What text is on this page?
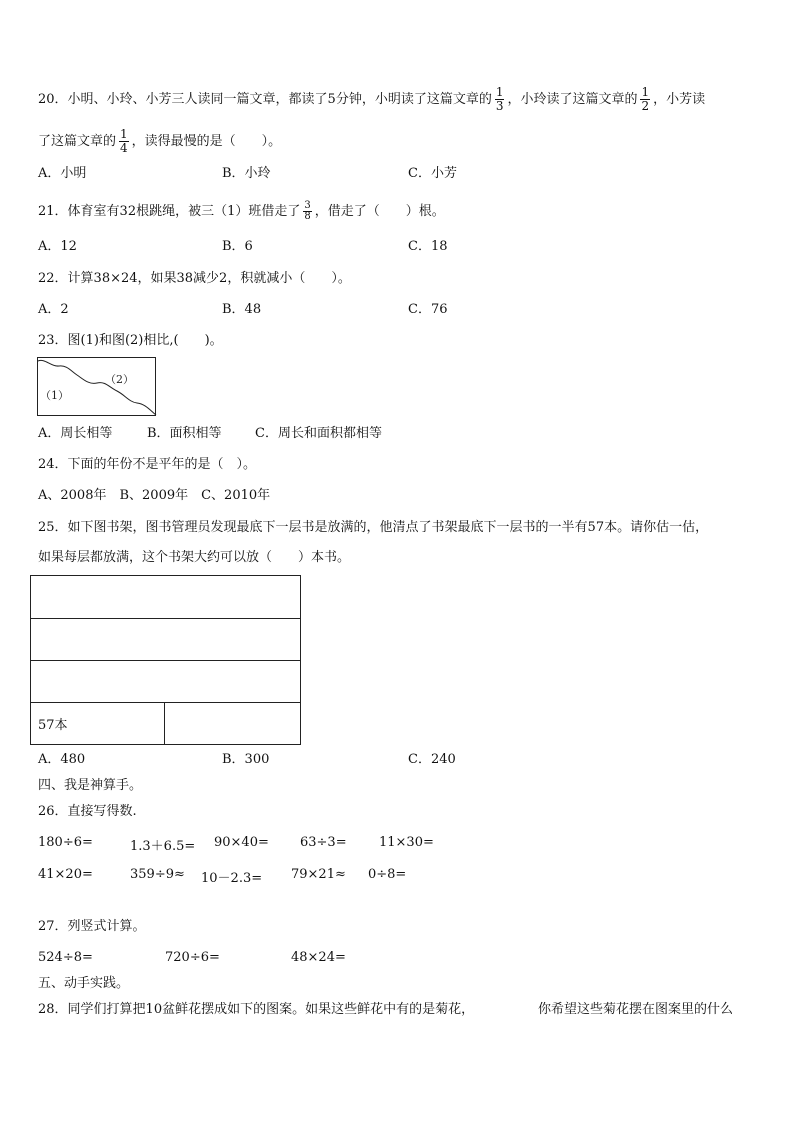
20．小明、小玲、小芳三人读同一篇文章，都读了5分钟，小明读了这篇文章的 $\frac{1}{3}$ ，小玲读了这篇文章的 $\frac{1}{2}$ ，小芳读
了这篇文章的 $\frac{1}{4}$ ，读得最慢的是（　　）。
A．小明	B．小玲	C．小芳
21．体育室有32根跳绳，被三（1）班借走了 $\frac{3}{8}$ ，借走了（　　）根。
A．12	B．6	C．18
22．计算38×24，如果38减少2，积就减小（　　）。
A．2	B．48	C．76
23．图(1)和图(2)相比,(　　)。
（1）
（2）
A．周长相等	B．面积相等	C．周长和面积都相等
24．下面的年份不是平年的是（　）。
A、2008年　B、2009年　C、2010年
25．如下图书架，图书管理员发现最底下一层书是放满的，他清点了书架最底下一层书的一半有57本。请你估一估，
如果每层都放满，这个书架大约可以放（　　）本书。
57本
A．480	B．300	C．240
四、我是神算手。
26．直接写得数.
180÷6=	1.3＋6.5= 90×40= 63÷3= 11×30=
41×20=	359÷9≈ 10－2.3= 79×21≈ 0÷8=
27．列竖式计算。
524÷8=	720÷6=	48×24=
五、动手实践。
28．同学们打算把10盆鲜花摆成如下的图案。如果这些鲜花中有的是菊花，	你希望这些菊花摆在图案里的什么
